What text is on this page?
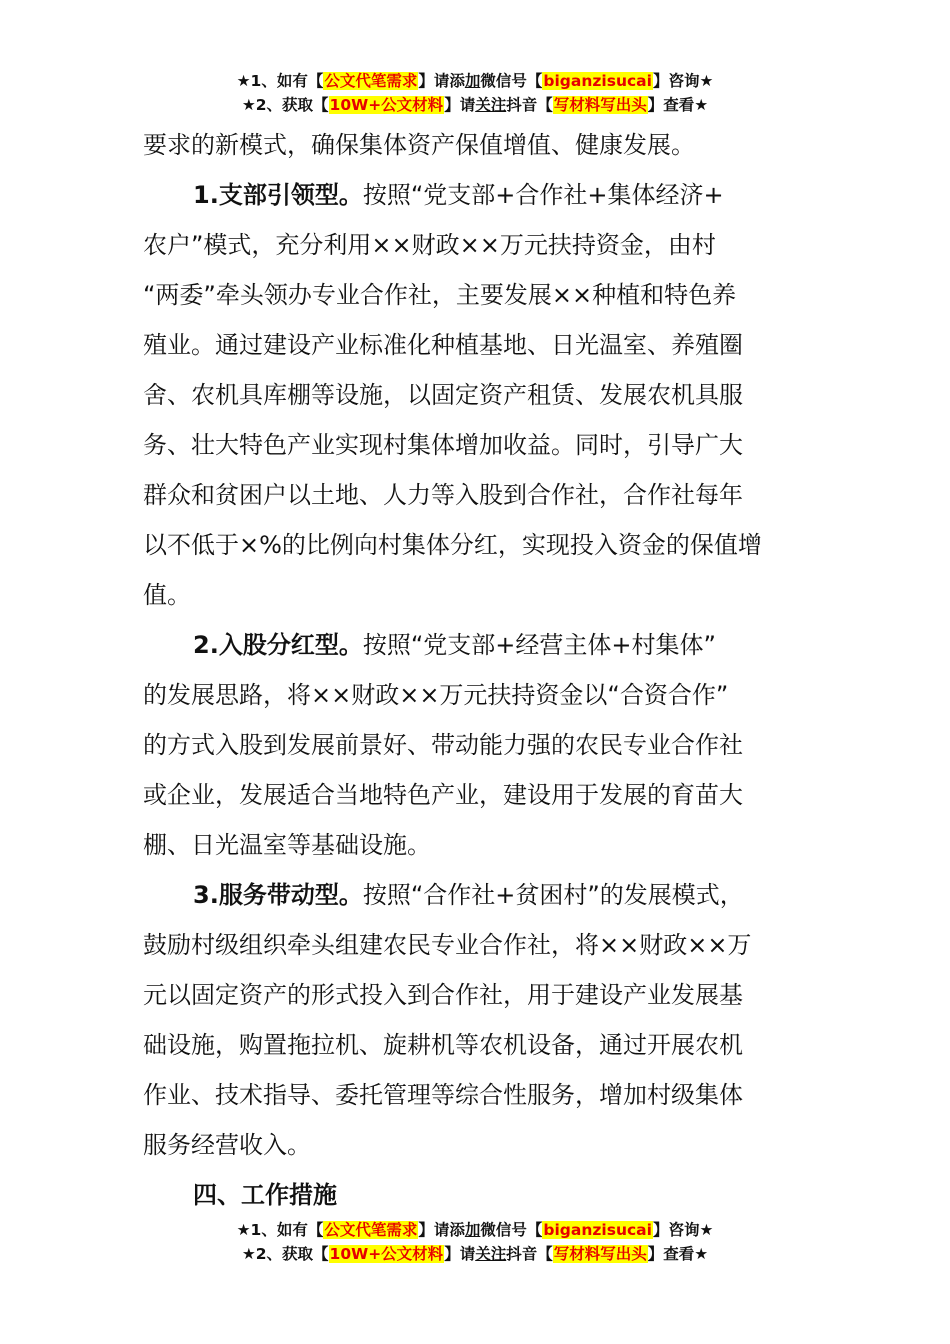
★1、如有【公文代笔需求】请添加微信号【biganzisucai】咨询★
★2、获取【10W+公文材料】请关注抖音【写材料写出头】查看★
要求的新模式，确保集体资产保值增值、健康发展。
1.支部引领型。按照“党支部+合作社+集体经济+
农户”模式，充分利用××财政××万元扶持资金，由村
“两委”牵头领办专业合作社，主要发展××种植和特色养
殖业。通过建设产业标准化种植基地、日光温室、养殖圈
舍、农机具库棚等设施，以固定资产租赁、发展农机具服
务、壮大特色产业实现村集体增加收益。同时，引导广大
群众和贫困户以土地、人力等入股到合作社，合作社每年
以不低于×%的比例向村集体分红，实现投入资金的保值增
值。
2.入股分红型。按照“党支部+经营主体+村集体”
的发展思路，将××财政××万元扶持资金以“合资合作”
的方式入股到发展前景好、带动能力强的农民专业合作社
或企业，发展适合当地特色产业，建设用于发展的育苗大
棚、日光温室等基础设施。
3.服务带动型。按照“合作社+贫困村”的发展模式，
鼓励村级组织牵头组建农民专业合作社，将××财政××万
元以固定资产的形式投入到合作社，用于建设产业发展基
础设施，购置拖拉机、旋耕机等农机设备，通过开展农机
作业、技术指导、委托管理等综合性服务，增加村级集体
服务经营收入。
四、工作措施
★1、如有【公文代笔需求】请添加微信号【biganzisucai】咨询★
★2、获取【10W+公文材料】请关注抖音【写材料写出头】查看★
